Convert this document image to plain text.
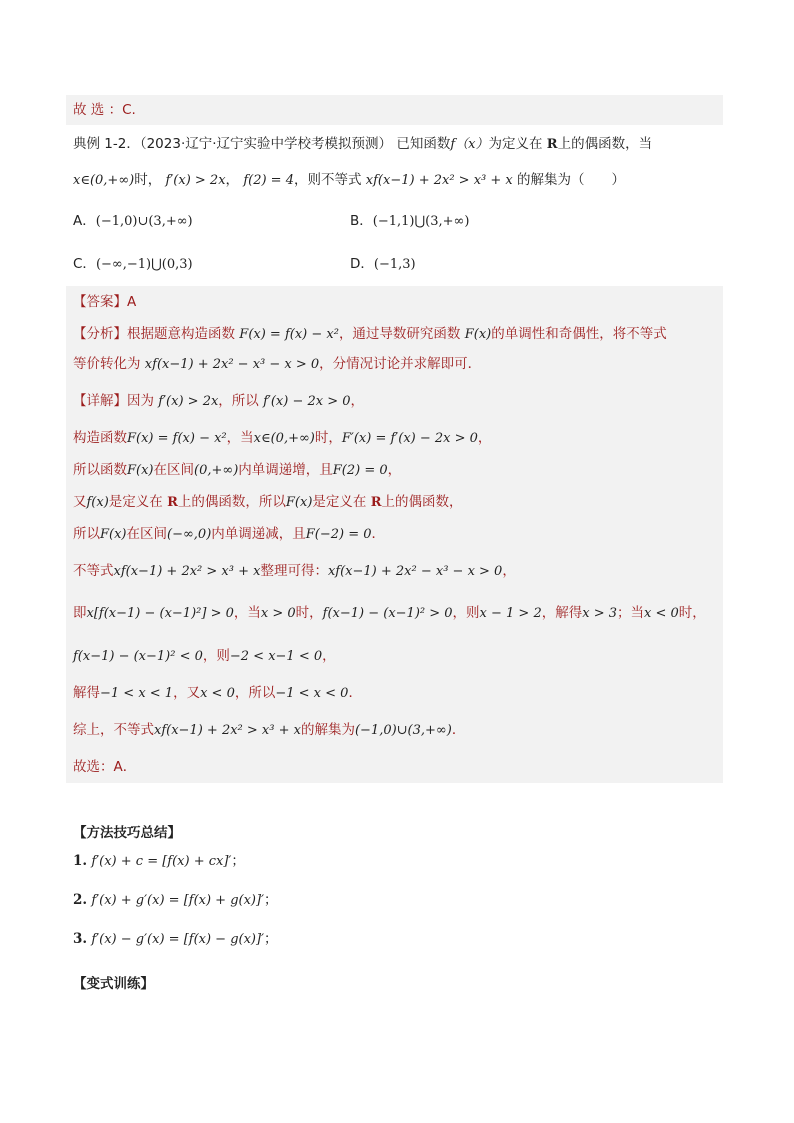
故 选 ：C.
典例 1-2．（2023·辽宁·辽宁实验中学校考模拟预测） 已知函数f（x）为定义在 R上的偶函数，当
x∈(0,+∞)时， f′(x) > 2x， f(2) = 4，则不等式 xf(x−1) + 2x² > x³ + x 的解集为（　　）
A．(−1,0)∪(3,+∞)	B．(−1,1)⋃(3,+∞)
C．(−∞,−1)⋃(0,3)	D．(−1,3)
【答案】A
【分析】根据题意构造函数 F(x) = f(x) − x²，通过导数研究函数 F(x)的单调性和奇偶性，将不等式
等价转化为 xf(x−1) + 2x² − x³ − x > 0，分情况讨论并求解即可．
【详解】因为 f′(x) > 2x，所以 f′(x) − 2x > 0，
构造函数F(x) = f(x) − x²，当x∈(0,+∞)时，F′(x) = f′(x) − 2x > 0，
所以函数F(x)在区间(0,+∞)内单调递增，且F(2) = 0，
又f(x)是定义在 R上的偶函数，所以F(x)是定义在 R上的偶函数，
所以F(x)在区间(−∞,0)内单调递减，且F(−2) = 0．
不等式xf(x−1) + 2x² > x³ + x整理可得：xf(x−1) + 2x² − x³ − x > 0，
即x[f(x−1) − (x−1)²] > 0，当x > 0时，f(x−1) − (x−1)² > 0，则x − 1 > 2，解得x > 3；当x < 0时，
f(x−1) − (x−1)² < 0，则−2 < x−1 < 0，
解得−1 < x < 1，又x < 0，所以−1 < x < 0．
综上，不等式xf(x−1) + 2x² > x³ + x的解集为(−1,0)∪(3,+∞)．
故选：A．
【方法技巧总结】
1. f′(x) + c = [f(x) + cx]′；
2. f′(x) + g′(x) = [f(x) + g(x)]′；
3. f′(x) − g′(x) = [f(x) − g(x)]′；
【变式训练】
